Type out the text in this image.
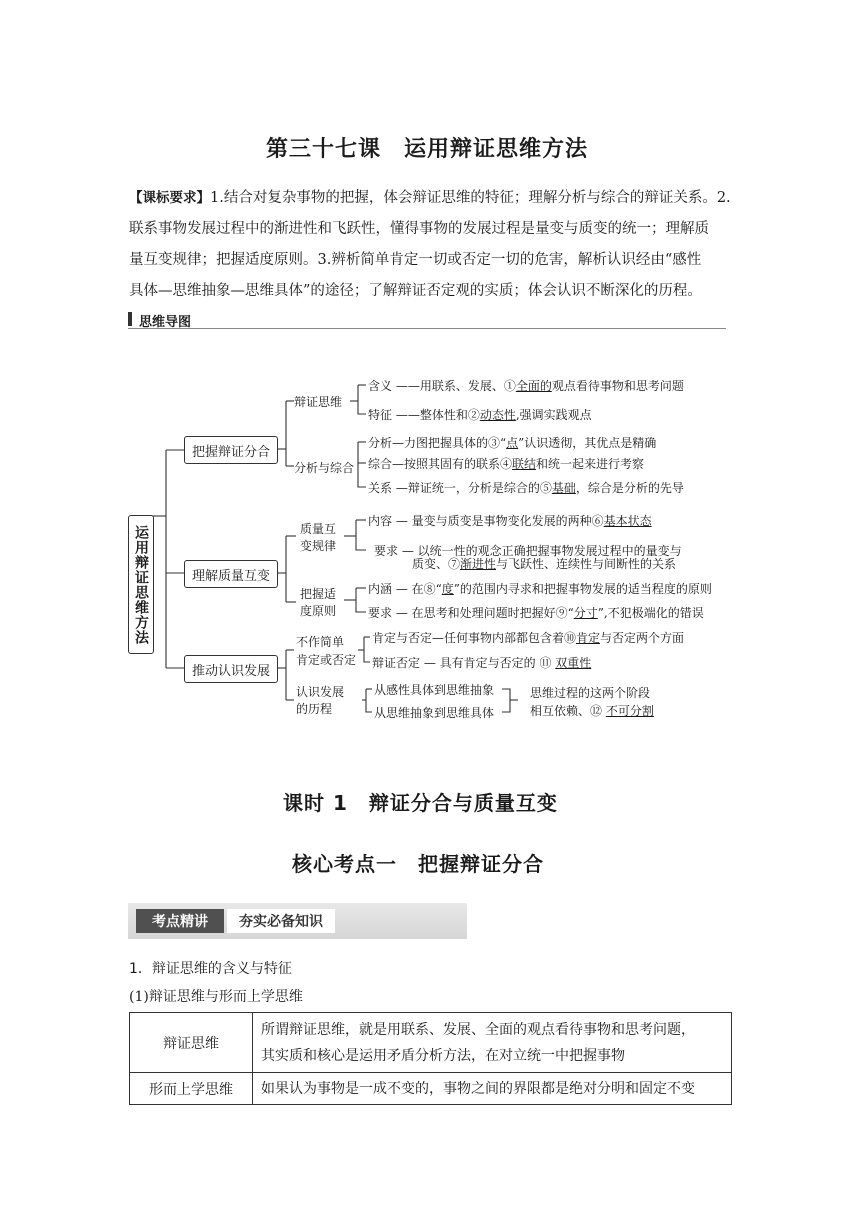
第三十七课　运用辩证思维方法
【课标要求】1.结合对复杂事物的把握，体会辩证思维的特征；理解分析与综合的辩证关系。2.
联系事物发展过程中的渐进性和飞跃性，懂得事物的发展过程是量变与质变的统一；理解质
量互变规律；把握适度原则。3.辨析简单肯定一切或否定一切的危害，解析认识经由“感性
具体—思维抽象—思维具体”的途径；了解辩证否定观的实质；体会认识不断深化的历程。
思维导图
运用辩证思维方法
把握辩证分合
理解质量互变
推动认识发展
辩证思维
含义 ——用联系、发展、①全面的观点看待事物和思考问题
特征 ——整体性和②动态性,强调实践观点
分析与综合
分析—力图把握具体的③“点”认识透彻，其优点是精确
综合—按照其固有的联系④联结和统一起来进行考察
关系 —辩证统一，分析是综合的⑤基础，综合是分析的先导
质量互
变规律
内容 — 量变与质变是事物变化发展的两种⑥基本状态
要求 — 以统一性的观念正确把握事物发展过程中的量变与
质变、⑦渐进性与飞跃性、连续性与间断性的关系
把握适
度原则
内涵 — 在⑧“度”的范围内寻求和把握事物发展的适当程度的原则
要求 — 在思考和处理问题时把握好⑨“分寸”,不犯极端化的错误
不作简单
肯定或否定
肯定与否定—任何事物内部都包含着⑩肯定与否定两个方面
辩证否定 — 具有肯定与否定的 ⑪ 双重性
认识发展
的历程
从感性具体到思维抽象
从思维抽象到思维具体
思维过程的这两个阶段
相互依赖、⑫ 不可分割
课时 1　辩证分合与质量互变
核心考点一　把握辩证分合
考点精讲	夯实必备知识
1．辩证思维的含义与特征
(1)辩证思维与形而上学思维
辩证思维	所谓辩证思维，就是用联系、发展、全面的观点看待事物和思考问题，
其实质和核心是运用矛盾分析方法，在对立统一中把握事物

形而上学思维	如果认为事物是一成不变的，事物之间的界限都是绝对分明和固定不变
